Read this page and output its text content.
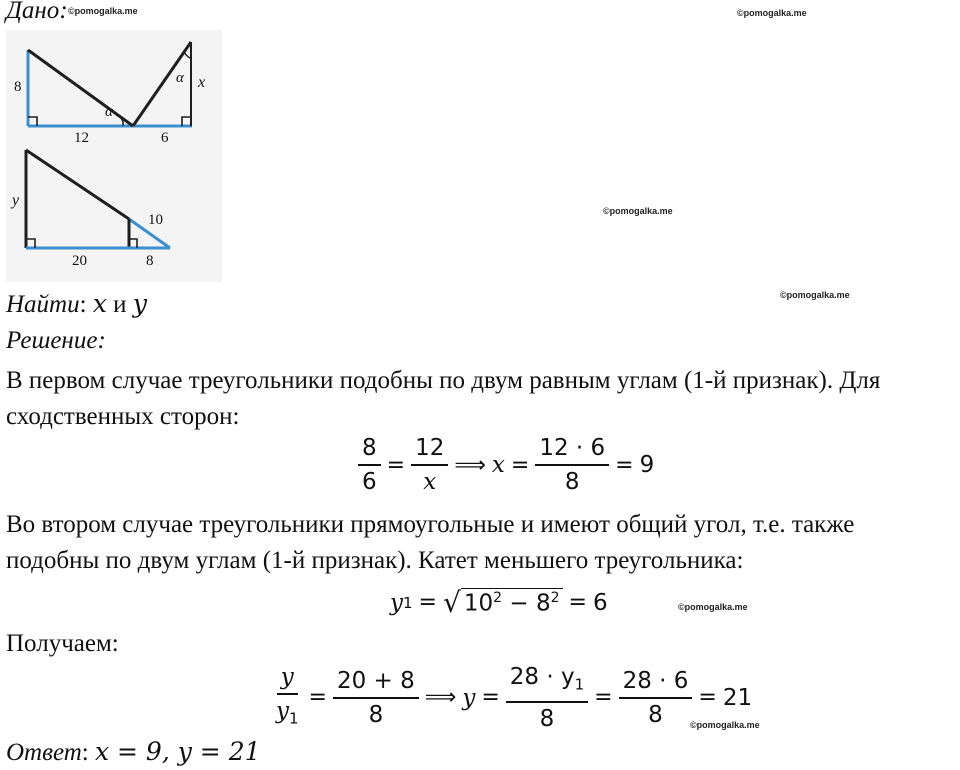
Дано: ©pomogalka.me	©pomogalka.me
©pomogalka.me
©pomogalka.me
©pomogalka.me
©pomogalka.me
8
12	6
α
α x
y
10
20	8
Найти: x и y
Решение:
В первом случае треугольники подобны по двум равным углам (1-й признак). Для
сходственных сторон:
$\frac{8}{6} = \frac{12}{x}$ ⟹ $x = \frac{12 \cdot 6}{8} = 9$
Во втором случае треугольники прямоугольные и имеют общий угол, т.е. также
подобны по двум углам (1-й признак). Катет меньшего треугольника:
y 1 = √ $10^2 - 8^2 = 6$
Получаем:
$\frac{y}{y_1} = \frac{20 + 8}{8}$ ⟹ $y = \frac{28 \cdot y_1}{8} = \frac{28 \cdot 6}{8} = 21$
Ответ: x = 9, y = 21
